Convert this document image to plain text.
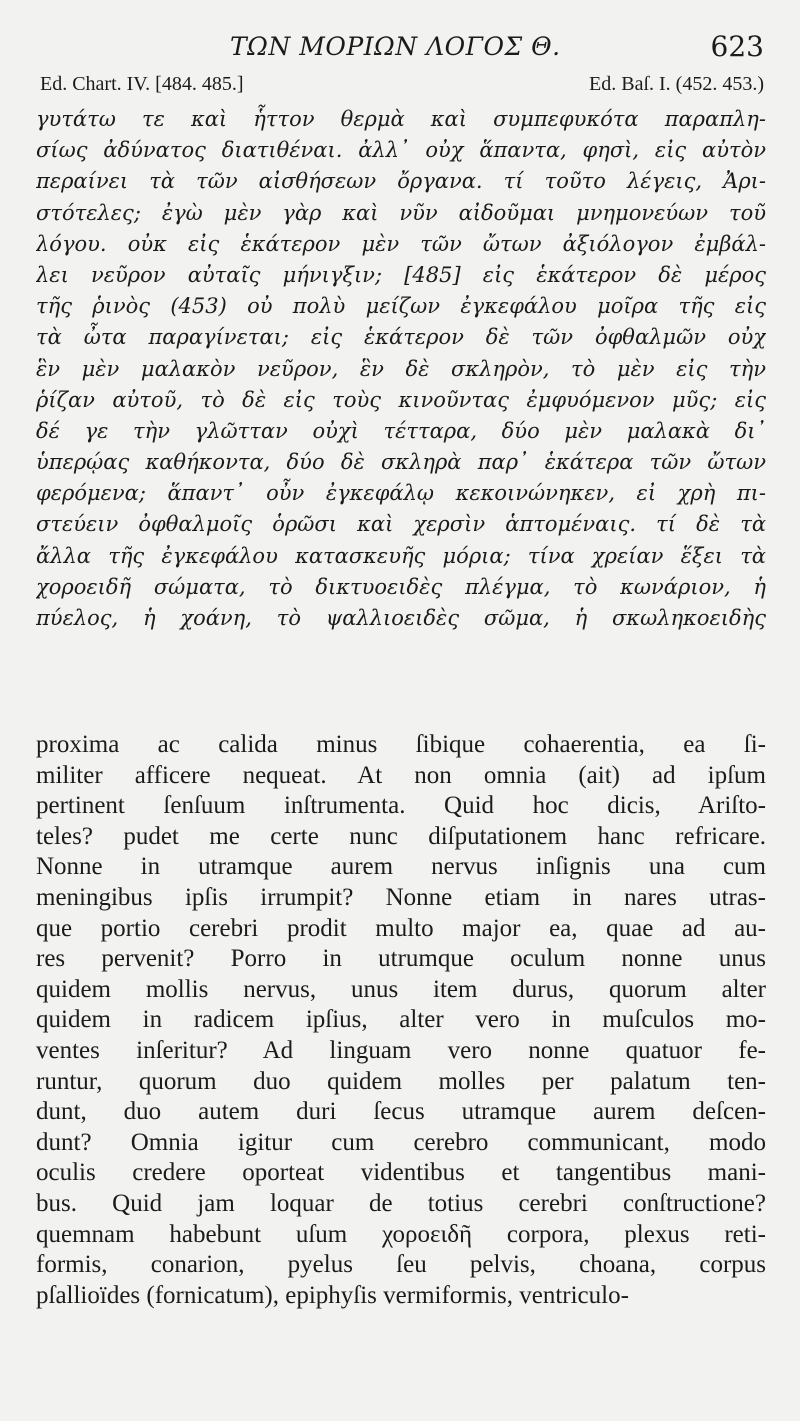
ΤΩΝ ΜΟΡΙΩΝ ΛΟΓΟΣ Θ.	623
Ed. Chart. IV. [484. 485.]	Ed. Baſ. I. (452. 453.)
γυτάτω τε καὶ ἧττον θερμὰ καὶ συμπεφυκότα παραπλη-
σίως ἀδύνατος διατιθέναι. ἀλλ᾽ οὐχ ἅπαντα, φησὶ, εἰς αὐτὸν
περαίνει τὰ τῶν αἰσθήσεων ὄργανα. τί τοῦτο λέγεις, Ἀρι-
στότελες; ἐγὼ μὲν γὰρ καὶ νῦν αἰδοῦμαι μνημονεύων τοῦ
λόγου. οὐκ εἰς ἑκάτερον μὲν τῶν ὤτων ἀξιόλογον ἐμβάλ-
λει νεῦρον αὐταῖς μήνιγξιν; [485] εἰς ἑκάτερον δὲ μέρος
τῆς ῥινὸς (453) οὐ πολὺ μείζων ἐγκεφάλου μοῖρα τῆς εἰς
τὰ ὦτα παραγίνεται; εἰς ἑκάτερον δὲ τῶν ὀφθαλμῶν οὐχ
ἓν μὲν μαλακὸν νεῦρον, ἓν δὲ σκληρὸν, τὸ μὲν εἰς τὴν
ῥίζαν αὐτοῦ, τὸ δὲ εἰς τοὺς κινοῦντας ἐμφυόμενον μῦς; εἰς
δέ γε τὴν γλῶτταν οὐχὶ τέτταρα, δύο μὲν μαλακὰ δι᾽
ὑπερῴας καθήκοντα, δύο δὲ σκληρὰ παρ᾽ ἑκάτερα τῶν ὤτων
φερόμενα; ἅπαντ᾽ οὖν ἐγκεφάλῳ κεκοινώνηκεν, εἰ χρὴ πι-
στεύειν ὀφθαλμοῖς ὁρῶσι καὶ χερσὶν ἁπτομέναις. τί δὲ τὰ
ἄλλα τῆς ἐγκεφάλου κατασκευῆς μόρια; τίνα χρείαν ἕξει τὰ
χοροειδῆ σώματα, τὸ δικτυοειδὲς πλέγμα, τὸ κωνάριον, ἡ
πύελος, ἡ χοάνη, τὸ ψαλλιοειδὲς σῶμα, ἡ σκωληκοειδὴς
proxima ac calida minus ſibique cohaerentia, ea ſi-
militer afficere nequeat. At non omnia (ait) ad ipſum
pertinent ſenſuum inſtrumenta. Quid hoc dicis, Ariſto-
teles? pudet me certe nunc diſputationem hanc refricare.
Nonne in utramque aurem nervus inſignis una cum
meningibus ipſis irrumpit? Nonne etiam in nares utras-
que portio cerebri prodit multo major ea, quae ad au-
res pervenit? Porro in utrumque oculum nonne unus
quidem mollis nervus, unus item durus, quorum alter
quidem in radicem ipſius, alter vero in muſculos mo-
ventes inſeritur? Ad linguam vero nonne quatuor fe-
runtur, quorum duo quidem molles per palatum ten-
dunt, duo autem duri ſecus utramque aurem deſcen-
dunt? Omnia igitur cum cerebro communicant, modo
oculis credere oporteat videntibus et tangentibus mani-
bus. Quid jam loquar de totius cerebri conſtructione?
quemnam habebunt uſum χοροειδῆ corpora, plexus reti-
formis, conarion, pyelus ſeu pelvis, choana, corpus
pſallioïdes (fornicatum), epiphyſis vermiformis, ventriculo-
